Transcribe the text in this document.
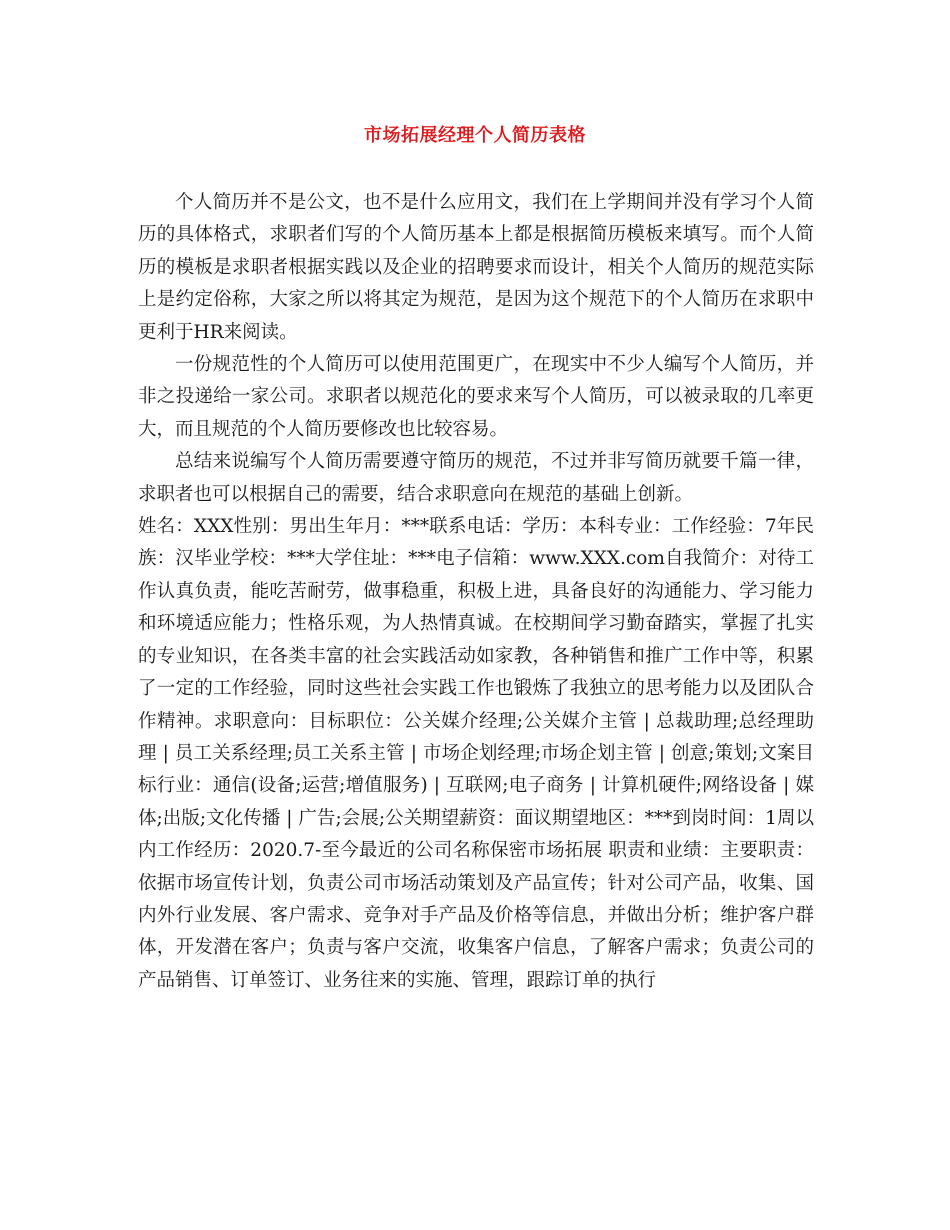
市场拓展经理个人简历表格

个人简历并不是公文，也不是什么应用文，我们在上学期间并没有学习个人简历的具体格式，求职者们写的个人简历基本上都是根据简历模板来填写。而个人简历的模板是求职者根据实践以及企业的招聘要求而设计，相关个人简历的规范实际上是约定俗称，大家之所以将其定为规范，是因为这个规范下的个人简历在求职中更利于HR来阅读。

一份规范性的个人简历可以使用范围更广，在现实中不少人编写个人简历，并非之投递给一家公司。求职者以规范化的要求来写个人简历，可以被录取的几率更大，而且规范的个人简历要修改也比较容易。

总结来说编写个人简历需要遵守简历的规范，不过并非写简历就要千篇一律，求职者也可以根据自己的需要，结合求职意向在规范的基础上创新。

姓名：XXX性别：男出生年月：***联系电话：学历：本科专业：工作经验：7年民族：汉毕业学校：***大学住址：***电子信箱：www.XXX.com自我简介：对待工作认真负责，能吃苦耐劳，做事稳重，积极上进，具备良好的沟通能力、学习能力和环境适应能力；性格乐观，为人热情真诚。在校期间学习勤奋踏实，掌握了扎实的专业知识，在各类丰富的社会实践活动如家教，各种销售和推广工作中等，积累了一定的工作经验，同时这些社会实践工作也锻炼了我独立的思考能力以及团队合作精神。求职意向：目标职位：公关媒介经理;公关媒介主管 | 总裁助理;总经理助理 | 员工关系经理;员工关系主管 | 市场企划经理;市场企划主管 | 创意;策划;文案目标行业：通信(设备;运营;增值服务) | 互联网;电子商务 | 计算机硬件;网络设备 | 媒体;出版;文化传播 | 广告;会展;公关期望薪资：面议期望地区：***到岗时间：1周以内工作经历：2020.7-至今最近的公司名称保密市场拓展 职责和业绩：主要职责：依据市场宣传计划，负责公司市场活动策划及产品宣传；针对公司产品，收集、国内外行业发展、客户需求、竞争对手产品及价格等信息，并做出分析；维护客户群体，开发潜在客户；负责与客户交流，收集客户信息，了解客户需求；负责公司的产品销售、订单签订、业务往来的实施、管理，跟踪订单的执行
